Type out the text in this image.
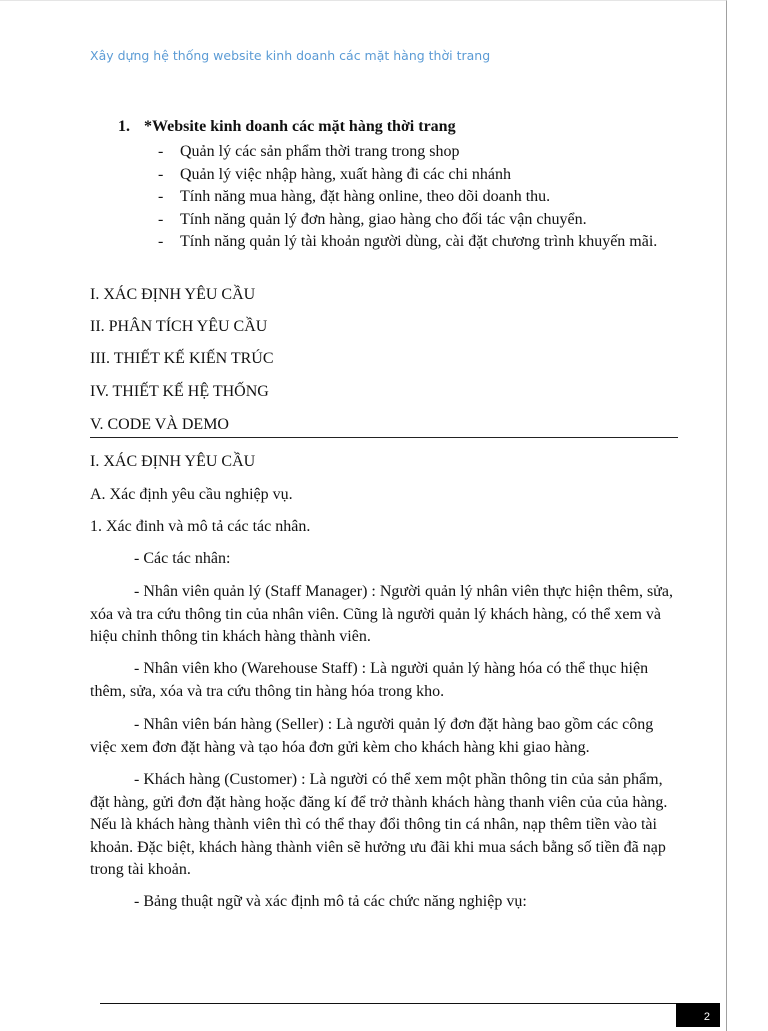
Xây dựng hệ thống website kinh doanh các mặt hàng thời trang
1. *Website kinh doanh các mặt hàng thời trang
-	Quản lý các sản phẩm thời trang trong shop
-	Quản lý việc nhập hàng, xuất hàng đi các chi nhánh
-	Tính năng mua hàng, đặt hàng online, theo dõi doanh thu.
-	Tính năng quản lý đơn hàng, giao hàng cho đối tác vận chuyển.
-	Tính năng quản lý tài khoản người dùng, cài đặt chương trình khuyến mãi.
I. XÁC ĐỊNH YÊU CẦU
II. PHÂN TÍCH YÊU CẦU
III. THIẾT KẾ KIẾN TRÚC
IV. THIẾT KẾ HỆ THỐNG
V. CODE VÀ DEMO
I. XÁC ĐỊNH YÊU CẦU
A. Xác định yêu cầu nghiệp vụ.
1. Xác đinh và mô tả các tác nhân.
- Các tác nhân:
- Nhân viên quản lý (Staff Manager) : Người quản lý nhân viên thực hiện thêm, sửa, xóa và tra cứu thông tin của nhân viên. Cũng là người quản lý khách hàng, có thể xem và hiệu chỉnh thông tin khách hàng thành viên.
- Nhân viên kho (Warehouse Staff) : Là người quản lý hàng hóa có thể thục hiện thêm, sửa, xóa và tra cứu thông tin hàng hóa trong kho.
- Nhân viên bán hàng (Seller) : Là người quản lý đơn đặt hàng bao gồm các công việc xem đơn đặt hàng và tạo hóa đơn gửi kèm cho khách hàng khi giao hàng.
- Khách hàng (Customer) : Là người có thể xem một phần thông tin của sản phẩm, đặt hàng, gửi đơn đặt hàng hoặc đăng kí để trở thành khách hàng thanh viên của của hàng. Nếu là khách hàng thành viên thì có thể thay đổi thông tin cá nhân, nạp thêm tiền vào tài khoản. Đặc biệt, khách hàng thành viên sẽ hưởng ưu đãi khi mua sách bằng số tiền đã nạp trong tài khoản.
- Bảng thuật ngữ và xác định mô tả các chức năng nghiệp vụ:
2
